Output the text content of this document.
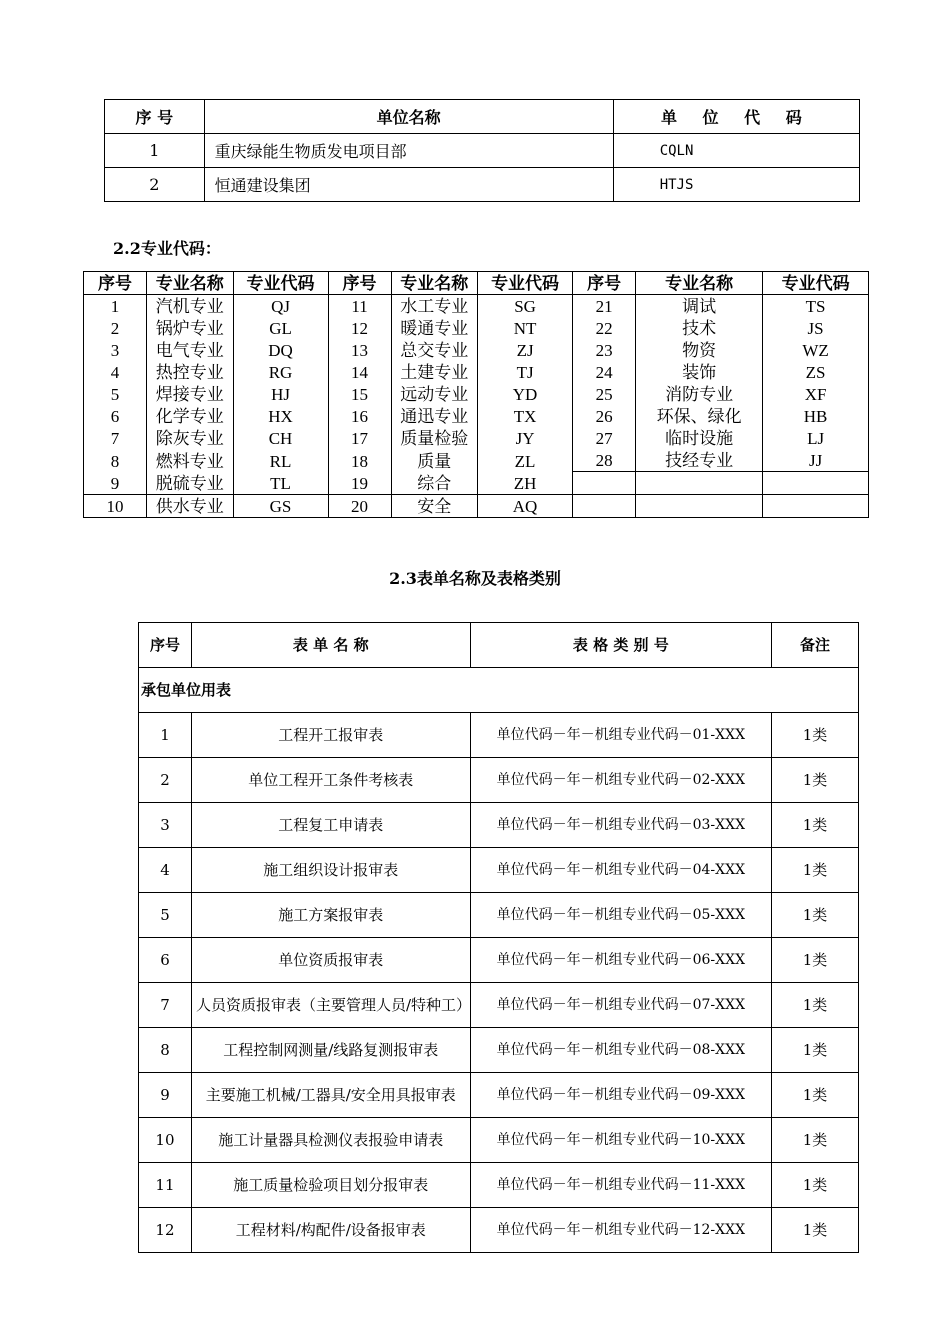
序 号	单位名称	单 位 代 码
1	重庆绿能生物质发电项目部	CQLN
2	恒通建设集团	HTJS
2.2专业代码：
序号	专业名称	专业代码	序号	专业名称	专业代码	序号	专业名称	专业代码
1	汽机专业	QJ	11	水工专业	SG	21	调试	TS
2	锅炉专业	GL	12	暖通专业	NT	22	技术	JS
3	电气专业	DQ	13	总交专业	ZJ	23	物资	WZ
4	热控专业	RG	14	土建专业	TJ	24	装饰	ZS
5	焊接专业	HJ	15	远动专业	YD	25	消防专业	XF
6	化学专业	HX	16	通迅专业	TX	26	环保、绿化	HB
7	除灰专业	CH	17	质量检验	JY	27	临时设施	LJ
8	燃料专业	RL	18	质量	ZL	28	技经专业	JJ
9	脱硫专业	TL	19	综合	ZH			
10	供水专业	GS	20	安全	AQ			
2.3表单名称及表格类别
序号	表 单 名 称	表 格 类 别 号	备注
承包单位用表			
1	工程开工报审表	单位代码－年－机组专业代码－01-XXX	1类
2	单位工程开工条件考核表	单位代码－年－机组专业代码－02-XXX	1类
3	工程复工申请表	单位代码－年－机组专业代码－03-XXX	1类
4	施工组织设计报审表	单位代码－年－机组专业代码－04-XXX	1类
5	施工方案报审表	单位代码－年－机组专业代码－05-XXX	1类
6	单位资质报审表	单位代码－年－机组专业代码－06-XXX	1类
7	人员资质报审表（主要管理人员/特种工）	单位代码－年－机组专业代码－07-XXX	1类
8	工程控制网测量/线路复测报审表	单位代码－年－机组专业代码－08-XXX	1类
9	主要施工机械/工器具/安全用具报审表	单位代码－年－机组专业代码－09-XXX	1类
10	施工计量器具检测仪表报验申请表	单位代码－年－机组专业代码－10-XXX	1类
11	施工质量检验项目划分报审表	单位代码－年－机组专业代码－11-XXX	1类
12	工程材料/构配件/设备报审表	单位代码－年－机组专业代码－12-XXX	1类
